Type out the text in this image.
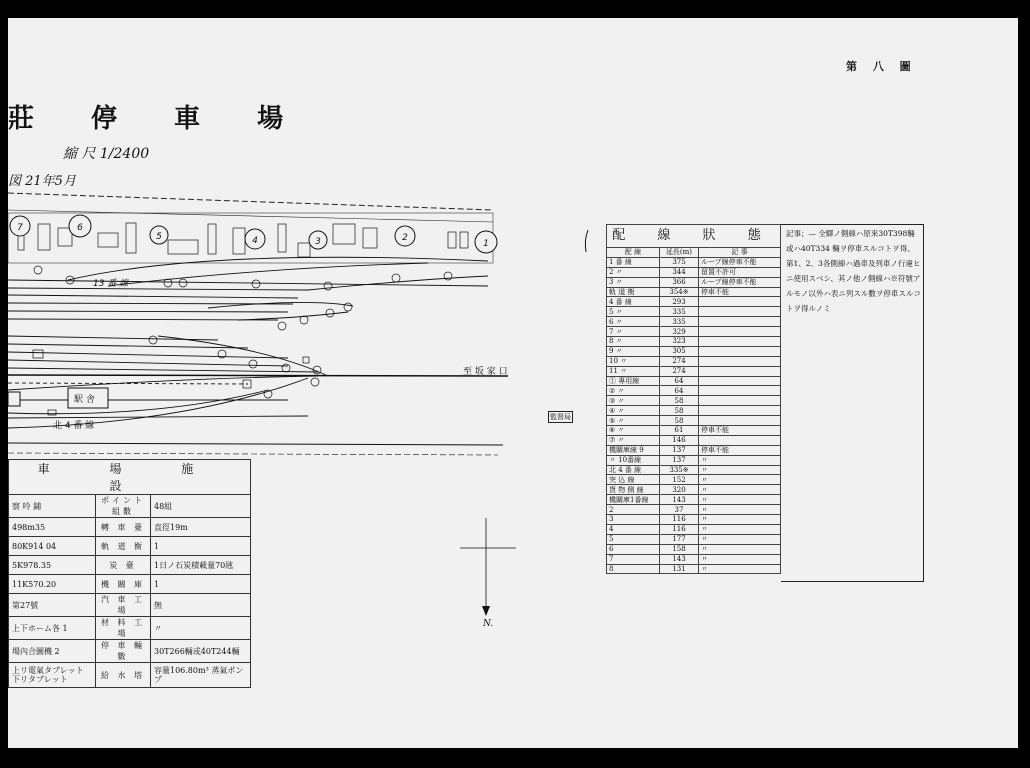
第 八 圖
莊 停 車 場
縮 尺 1/2400
図 21年5月
7	6
5	4	3	2
1
13 番 線
至 坂 家 口
駅 舎
北 4 番 線
N.
監督局
車 場 施 設		
察 呤 鋪	ポイント組數	48組
498m35	轉 車 臺	直徑19m
80K914 04	軌 道 衡	1
5K978.35	炭 臺	1日ノ石炭積載量70瓲
11K570.20	機 關 庫	1
第27號	汽 車 工 場	無
上下ホーム各 1	材 料 工 場	〃
場內合圖機 2	停 車 輛 數	30T266輛或40T244輛
上リ電氣タブレット 下リタブレット	給 水 塔	容量106.80m³ 蒸氣ポンプ
配 線 狀 態		
配 線	延長(m)	記 事
1 番 線	375	ループ線停車不能
2 〃	344	留置不許可
3 〃	366	ループ線停車不能
軌 道 衡	354※	停車不能
4 番 線	293	
5 〃	335	
6 〃	335	
7 〃	329	
8 〃	323	
9 〃	305	
10 〃	274	
11 〃	274	
① 專用線	64	
② 〃	64	
③ 〃	58	
④ 〃	58	
⑤ 〃	58	
⑥ 〃	61	停車不能
⑦ 〃	146	
機關庫線 9	137	停車不能
〃 10番線	137	〃
北 4 番 線	335※	〃
突 込 線	152	〃
貨 物 側 線	320	〃
機關庫1番線	143	〃
2	37	〃
3	116	〃
4	116	〃
5	177	〃
6	158	〃
7	143	〃
8	131	〃
記事；— 全驛ノ側線ハ原來30T398輛或ハ40T334 輛ヲ停車スルコトヲ得、第1、2、3各側線ハ過車及列車ノ行違ヒニ使用スベシ、其ノ他ノ側線ハ※符號アルモノ以外ハ表ニ列スル數ヲ停車スルコトヲ得ルノミ
